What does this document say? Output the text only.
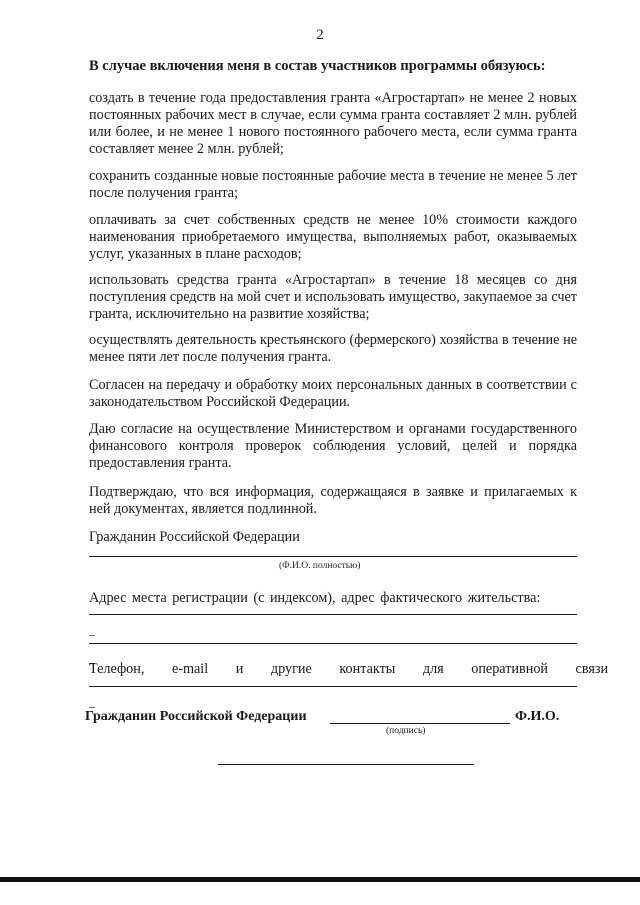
2
В случае включения меня в состав участников программы обязуюсь:

создать в течение года предоставления гранта «Агростартап» не менее 2 новых постоянных рабочих мест в случае, если сумма гранта составляет 2 млн. рублей или более, и не менее 1 нового постоянного рабочего места, если сумма гранта составляет менее 2 млн. рублей;

сохранить созданные новые постоянные рабочие места в течение не менее 5 лет после получения гранта;

оплачивать за счет собственных средств не менее 10% стоимости каждого наименования приобретаемого имущества, выполняемых работ, оказываемых услуг, указанных в плане расходов;

использовать средства гранта «Агростартап» в течение 18 месяцев со дня поступления средств на мой счет и использовать имущество, закупаемое за счет гранта, исключительно на развитие хозяйства;

осуществлять деятельность крестьянского (фермерского) хозяйства в течение не менее пяти лет после получения гранта.

Согласен на передачу и обработку моих персональных данных в соответствии с законодательством Российской Федерации.

Даю согласие на осуществление Министерством и органами государственного финансового контроля проверок соблюдения условий, целей и порядка предоставления гранта.

Подтверждаю, что вся информация, содержащаяся в заявке и прилагаемых к ней документах, является подлинной.

Гражданин Российской Федерации

(Ф.И.О. полностью)

Адрес места регистрации (с индексом), адрес фактического жительства:

_
_

Телефон, e-mail и другие контакты для оперативной связи

_
Гражданин Российской Федерации	Ф.И.О.
(подпись)
